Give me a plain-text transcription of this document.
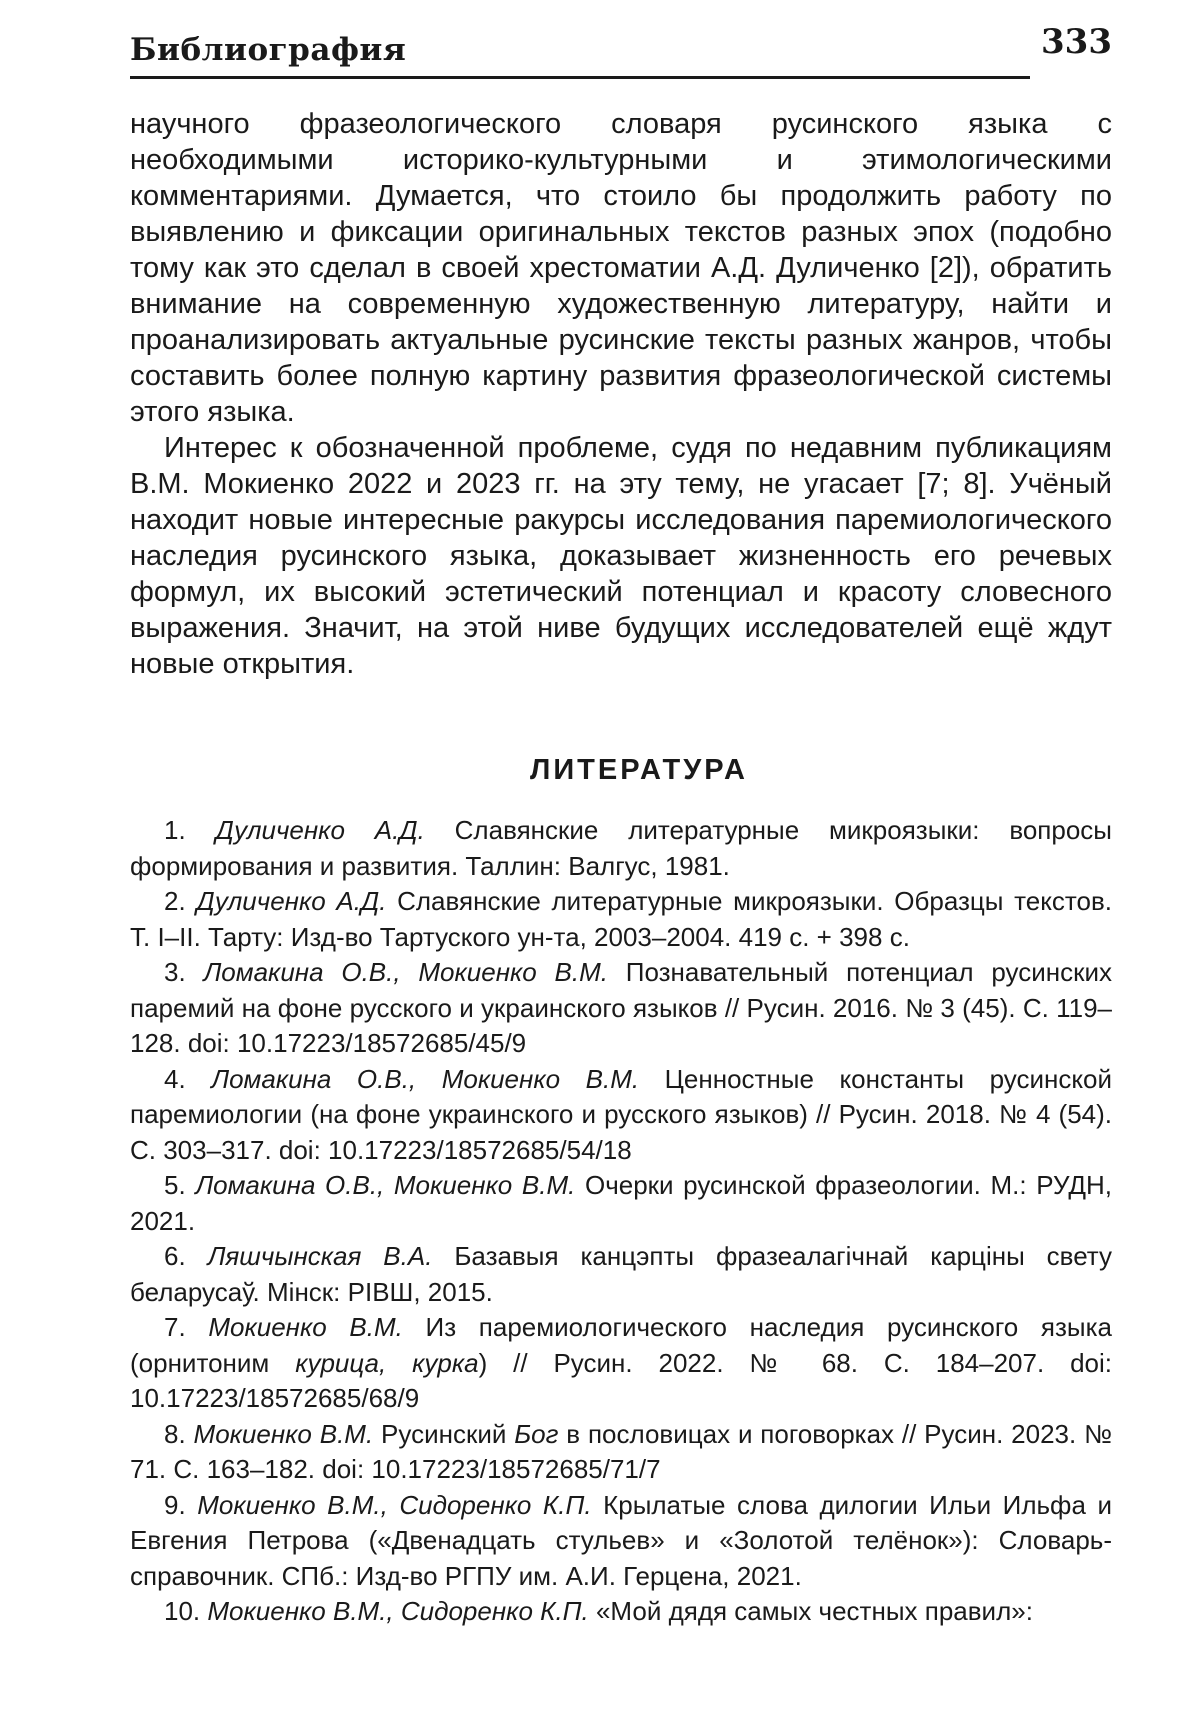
Библиография	333

научного фразеологического словаря русинского языка с необходимыми историко-культурными и этимологическими комментариями. Думается, что стоило бы продолжить работу по выявлению и фиксации оригинальных текстов разных эпох (подобно тому как это сделал в своей хрестоматии А.Д. Дуличенко [2]), обратить внимание на современную художественную литературу, найти и проанализировать актуальные русинские тексты разных жанров, чтобы составить более полную картину развития фразеологической системы этого языка.

Интерес к обозначенной проблеме, судя по недавним публикациям В.М. Мокиенко 2022 и 2023 гг. на эту тему, не угасает [7; 8]. Учёный находит новые интересные ракурсы исследования паремиологического наследия русинского языка, доказывает жизненность его речевых формул, их высокий эстетический потенциал и красоту словесного выражения. Значит, на этой ниве будущих исследователей ещё ждут новые открытия.

ЛИТЕРАТУРА

1. Дуличенко А.Д. Славянские литературные микроязыки: вопросы формирования и развития. Таллин: Валгус, 1981.

2. Дуличенко А.Д. Славянские литературные микроязыки. Образцы текстов. Т. I–II. Тарту: Изд-во Тартуского ун-та, 2003–2004. 419 с. + 398 с.

3. Ломакина О.В., Мокиенко В.М. Познавательный потенциал русинских паремий на фоне русского и украинского языков // Русин. 2016. № 3 (45). С. 119–128. doi: 10.17223/18572685/45/9

4. Ломакина О.В., Мокиенко В.М. Ценностные константы русинской паремиологии (на фоне украинского и русского языков) // Русин. 2018. № 4 (54). С. 303–317. doi: 10.17223/18572685/54/18

5. Ломакина О.В., Мокиенко В.М. Очерки русинской фразеологии. М.: РУДН, 2021.

6. Ляшчынская В.А. Базавыя канцэпты фразеалагічнай карціны свету беларусаў. Мінск: РІВШ, 2015.

7. Мокиенко В.М. Из паремиологического наследия русинского языка (орнитоним курица, курка) // Русин. 2022. № 68. С. 184–207. doi: 10.17223/18572685/68/9

8. Мокиенко В.М. Русинский Бог в пословицах и поговорках // Русин. 2023. № 71. С. 163–182. doi: 10.17223/18572685/71/7

9. Мокиенко В.М., Сидоренко К.П. Крылатые слова дилогии Ильи Ильфа и Евгения Петрова («Двенадцать стульев» и «Золотой телёнок»): Словарь-справочник. СПб.: Изд-во РГПУ им. А.И. Герцена, 2021.

10. Мокиенко В.М., Сидоренко К.П. «Мой дядя самых честных правил»:
